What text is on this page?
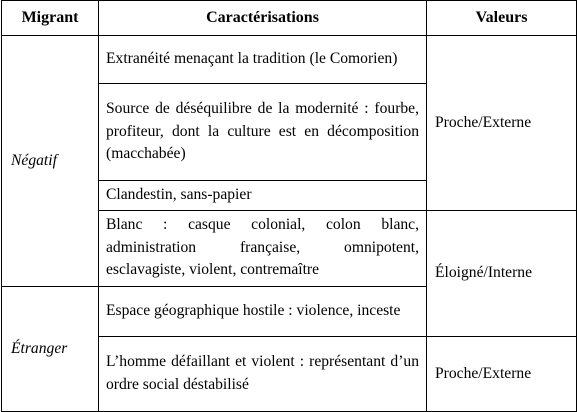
Migrant	Caractérisations	Valeurs
Négatif	Extranéité menaçant la tradition (le Comorien)	Proche/Externe
	Source de déséquilibre de la modernité : fourbe, profiteur, dont la culture est en décomposition (macchabée)	
	Clandestin, sans-papier	
	Blanc : casque colonial, colon blanc, administration française, omnipotent, esclavagiste, violent, contremaître	Éloigné/Interne
Étranger	Espace géographique hostile : violence, inceste	
	L’homme défaillant et violent : représentant d’un ordre social déstabilisé	Proche/Externe
